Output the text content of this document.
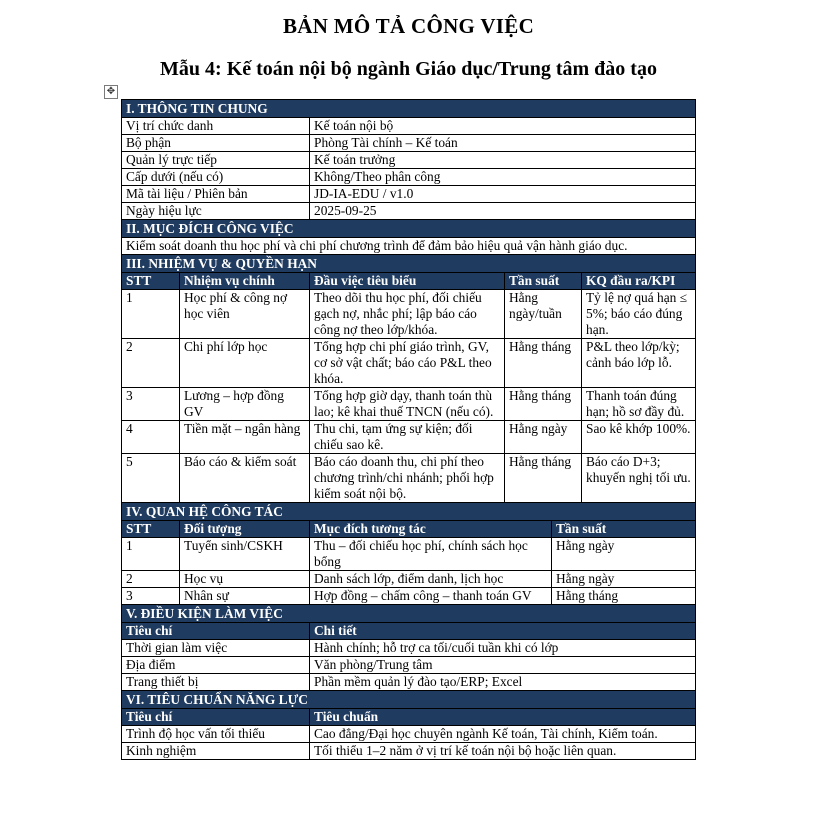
BẢN MÔ TẢ CÔNG VIỆC
Mẫu 4: Kế toán nội bộ ngành Giáo dục/Trung tâm đào tạo
✥
I. THÔNG TIN CHUNG					
Vị trí chức danh		Kế toán nội bộ			
Bộ phận		Phòng Tài chính – Kế toán			
Quản lý trực tiếp		Kế toán trưởng			
Cấp dưới (nếu có)		Không/Theo phân công			
Mã tài liệu / Phiên bản		JD-IA-EDU / v1.0			
Ngày hiệu lực		2025-09-25			
II. MỤC ĐÍCH CÔNG VIỆC					
Kiểm soát doanh thu học phí và chi phí chương trình để đảm bảo hiệu quả vận hành giáo dục.					
III. NHIỆM VỤ & QUYỀN HẠN					
STT	Nhiệm vụ chính	Đầu việc tiêu biểu	Tần suất		KQ đầu ra/KPI
1	Học phí & công nợ học viên	Theo dõi thu học phí, đối chiếu gạch nợ, nhắc phí; lập báo cáo công nợ theo lớp/khóa.	Hằng ngày/tuần		Tỷ lệ nợ quá hạn ≤ 5%; báo cáo đúng hạn.
2	Chi phí lớp học	Tổng hợp chi phí giáo trình, GV, cơ sở vật chất; báo cáo P&L theo khóa.	Hằng tháng		P&L theo lớp/kỳ; cảnh báo lớp lỗ.
3	Lương – hợp đồng GV	Tổng hợp giờ dạy, thanh toán thù lao; kê khai thuế TNCN (nếu có).	Hằng tháng		Thanh toán đúng hạn; hồ sơ đầy đủ.
4	Tiền mặt – ngân hàng	Thu chi, tạm ứng sự kiện; đối chiếu sao kê.	Hằng ngày		Sao kê khớp 100%.
5	Báo cáo & kiểm soát	Báo cáo doanh thu, chi phí theo chương trình/chi nhánh; phối hợp kiểm soát nội bộ.	Hằng tháng		Báo cáo D+3; khuyến nghị tối ưu.
IV. QUAN HỆ CÔNG TÁC					
STT	Đối tượng	Mục đích tương tác		Tần suất	
1	Tuyển sinh/CSKH	Thu – đối chiếu học phí, chính sách học bổng		Hằng ngày	
2	Học vụ	Danh sách lớp, điểm danh, lịch học		Hằng ngày	
3	Nhân sự	Hợp đồng – chấm công – thanh toán GV		Hằng tháng	
V. ĐIỀU KIỆN LÀM VIỆC					
Tiêu chí		Chi tiết			
Thời gian làm việc		Hành chính; hỗ trợ ca tối/cuối tuần khi có lớp			
Địa điểm		Văn phòng/Trung tâm			
Trang thiết bị		Phần mềm quản lý đào tạo/ERP; Excel			
VI. TIÊU CHUẨN NĂNG LỰC					
Tiêu chí		Tiêu chuẩn			
Trình độ học vấn tối thiểu		Cao đẳng/Đại học chuyên ngành Kế toán, Tài chính, Kiểm toán.			
Kinh nghiệm		Tối thiểu 1–2 năm ở vị trí kế toán nội bộ hoặc liên quan.			
